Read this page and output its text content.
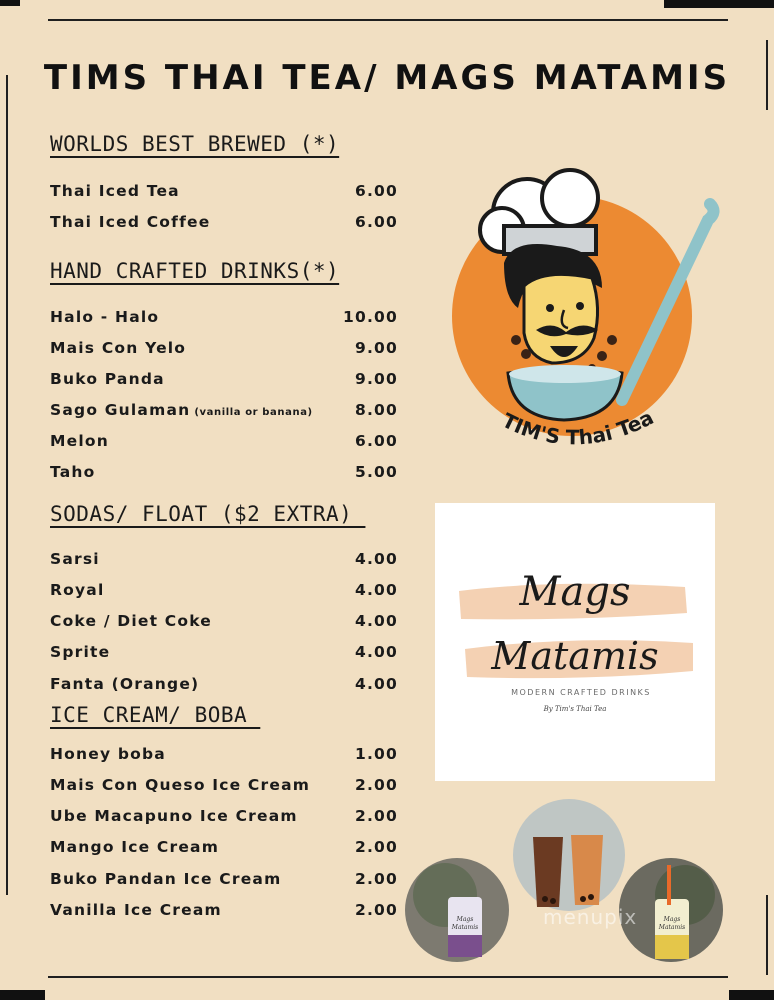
TIMS THAI TEA/ MAGS MATAMIS
WORLDS BEST BREWED (*)
Thai Iced Tea	6.00
Thai Iced Coffee	6.00
HAND CRAFTED DRINKS(*)
Halo - Halo	10.00
Mais Con Yelo	9.00
Buko Panda	9.00
Sago Gulaman (vanilla or banana)	8.00
Melon	6.00
Taho	5.00
SODAS/ FLOAT ($2 EXTRA)
Sarsi	4.00
Royal	4.00
Coke / Diet Coke	4.00
Sprite	4.00
Fanta (Orange)	4.00
ICE CREAM/ BOBA
Honey boba	1.00
Mais Con Queso Ice Cream	2.00
Ube Macapuno Ice Cream	2.00
Mango Ice Cream	2.00
Buko Pandan Ice Cream	2.00
Vanilla Ice Cream	2.00
TIM'S Thai Tea
Mags
Matamis
MODERN CRAFTED DRINKS
By Tim's Thai Tea
Mags
Matamis
Mags
Matamis
menupix
